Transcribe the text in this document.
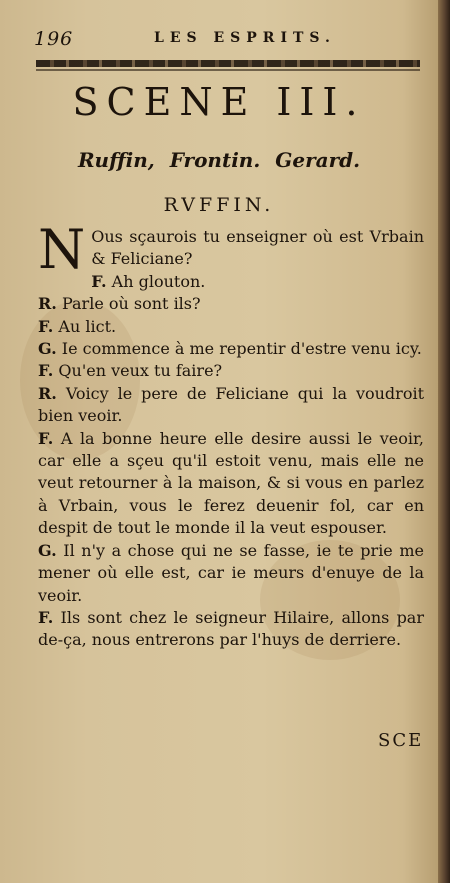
196	LES ESPRITS.
SCENE III.
Ruffin, Frontin. Gerard.
RVFFIN.

N Ous sçaurois tu enseigner où est Vrbain & Feliciane?

F. Ah glouton.

R. Parle où sont ils?

F. Au lict.

G. Ie commence à me repentir d'estre venu icy.

F. Qu'en veux tu faire?

R. Voicy le pere de Feliciane qui la voudroit bien veoir.

F. A la bonne heure elle desire aussi le veoir, car elle a sçeu qu'il estoit venu, mais elle ne veut retourner à la maison, & si vous en parlez à Vrbain, vous le ferez deuenir fol, car en despit de tout le monde il la veut espouser.

G. Il n'y a chose qui ne se fasse, ie te prie me mener où elle est, car ie meurs d'enuye de la veoir.

F. Ils sont chez le seigneur Hilaire, allons par de-ça, nous entrerons par l'huys de derriere.

SCE
